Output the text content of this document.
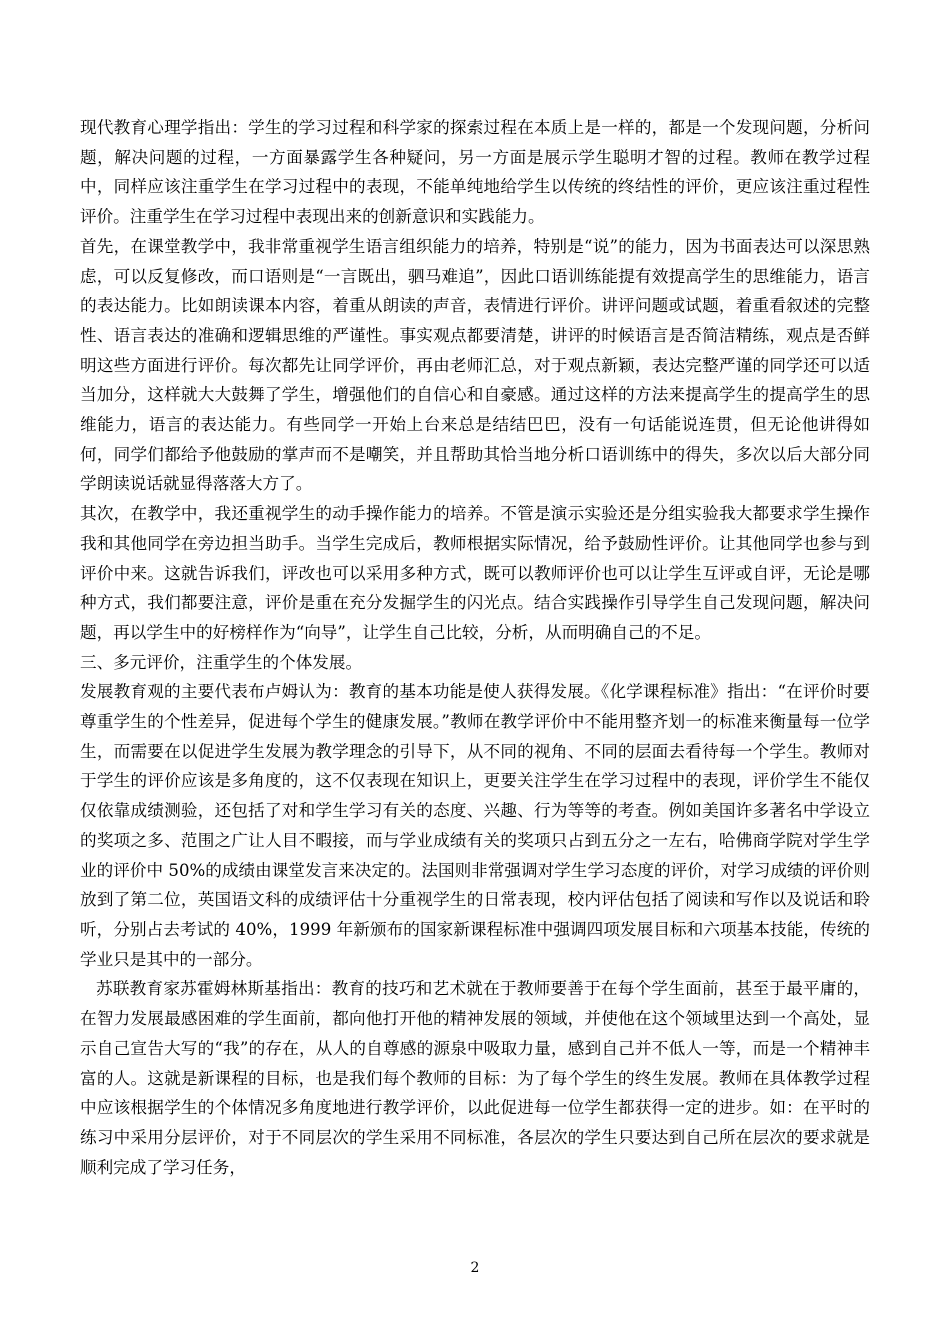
现代教育心理学指出：学生的学习过程和科学家的探索过程在本质上是一样的，都是一个发现问题，分析问题，解决问题的过程，一方面暴露学生各种疑问，另一方面是展示学生聪明才智的过程。教师在教学过程中，同样应该注重学生在学习过程中的表现，不能单纯地给学生以传统的终结性的评价，更应该注重过程性评价。注重学生在学习过程中表现出来的创新意识和实践能力。

首先，在课堂教学中，我非常重视学生语言组织能力的培养，特别是“说”的能力，因为书面表达可以深思熟虑，可以反复修改，而口语则是“一言既出，驷马难追”，因此口语训练能提有效提高学生的思维能力，语言的表达能力。比如朗读课本内容，着重从朗读的声音，表情进行评价。讲评问题或试题，着重看叙述的完整性、语言表达的准确和逻辑思维的严谨性。事实观点都要清楚，讲评的时候语言是否简洁精练，观点是否鲜明这些方面进行评价。每次都先让同学评价，再由老师汇总，对于观点新颖，表达完整严谨的同学还可以适当加分，这样就大大鼓舞了学生，增强他们的自信心和自豪感。通过这样的方法来提高学生的提高学生的思维能力，语言的表达能力。有些同学一开始上台来总是结结巴巴，没有一句话能说连贯，但无论他讲得如何，同学们都给予他鼓励的掌声而不是嘲笑，并且帮助其恰当地分析口语训练中的得失，多次以后大部分同学朗读说话就显得落落大方了。

其次，在教学中，我还重视学生的动手操作能力的培养。不管是演示实验还是分组实验我大都要求学生操作我和其他同学在旁边担当助手。当学生完成后，教师根据实际情况，给予鼓励性评价。让其他同学也参与到评价中来。这就告诉我们，评改也可以采用多种方式，既可以教师评价也可以让学生互评或自评，无论是哪种方式，我们都要注意，评价是重在充分发掘学生的闪光点。结合实践操作引导学生自己发现问题，解决问题，再以学生中的好榜样作为“向导”，让学生自己比较，分析，从而明确自己的不足。

三、多元评价，注重学生的个体发展。

发展教育观的主要代表布卢姆认为：教育的基本功能是使人获得发展。《化学课程标准》指出：“在评价时要尊重学生的个性差异，促进每个学生的健康发展。”教师在教学评价中不能用整齐划一的标准来衡量每一位学生，而需要在以促进学生发展为教学理念的引导下，从不同的视角、不同的层面去看待每一个学生。教师对于学生的评价应该是多角度的，这不仅表现在知识上，更要关注学生在学习过程中的表现，评价学生不能仅仅依靠成绩测验，还包括了对和学生学习有关的态度、兴趣、行为等等的考查。例如美国许多著名中学设立的奖项之多、范围之广让人目不暇接，而与学业成绩有关的奖项只占到五分之一左右，哈佛商学院对学生学业的评价中 50%的成绩由课堂发言来决定的。法国则非常强调对学生学习态度的评价，对学习成绩的评价则放到了第二位，英国语文科的成绩评估十分重视学生的日常表现，校内评估包括了阅读和写作以及说话和聆听，分别占去考试的 40%，1999 年新颁布的国家新课程标准中强调四项发展目标和六项基本技能，传统的学业只是其中的一部分。

苏联教育家苏霍姆林斯基指出：教育的技巧和艺术就在于教师要善于在每个学生面前，甚至于最平庸的，在智力发展最感困难的学生面前，都向他打开他的精神发展的领域，并使他在这个领域里达到一个高处，显示自己宣告大写的“我”的存在，从人的自尊感的源泉中吸取力量，感到自己并不低人一等，而是一个精神丰富的人。这就是新课程的目标，也是我们每个教师的目标：为了每个学生的终生发展。教师在具体教学过程中应该根据学生的个体情况多角度地进行教学评价，以此促进每一位学生都获得一定的进步。如：在平时的练习中采用分层评价，对于不同层次的学生采用不同标准，各层次的学生只要达到自己所在层次的要求就是顺利完成了学习任务，

2
